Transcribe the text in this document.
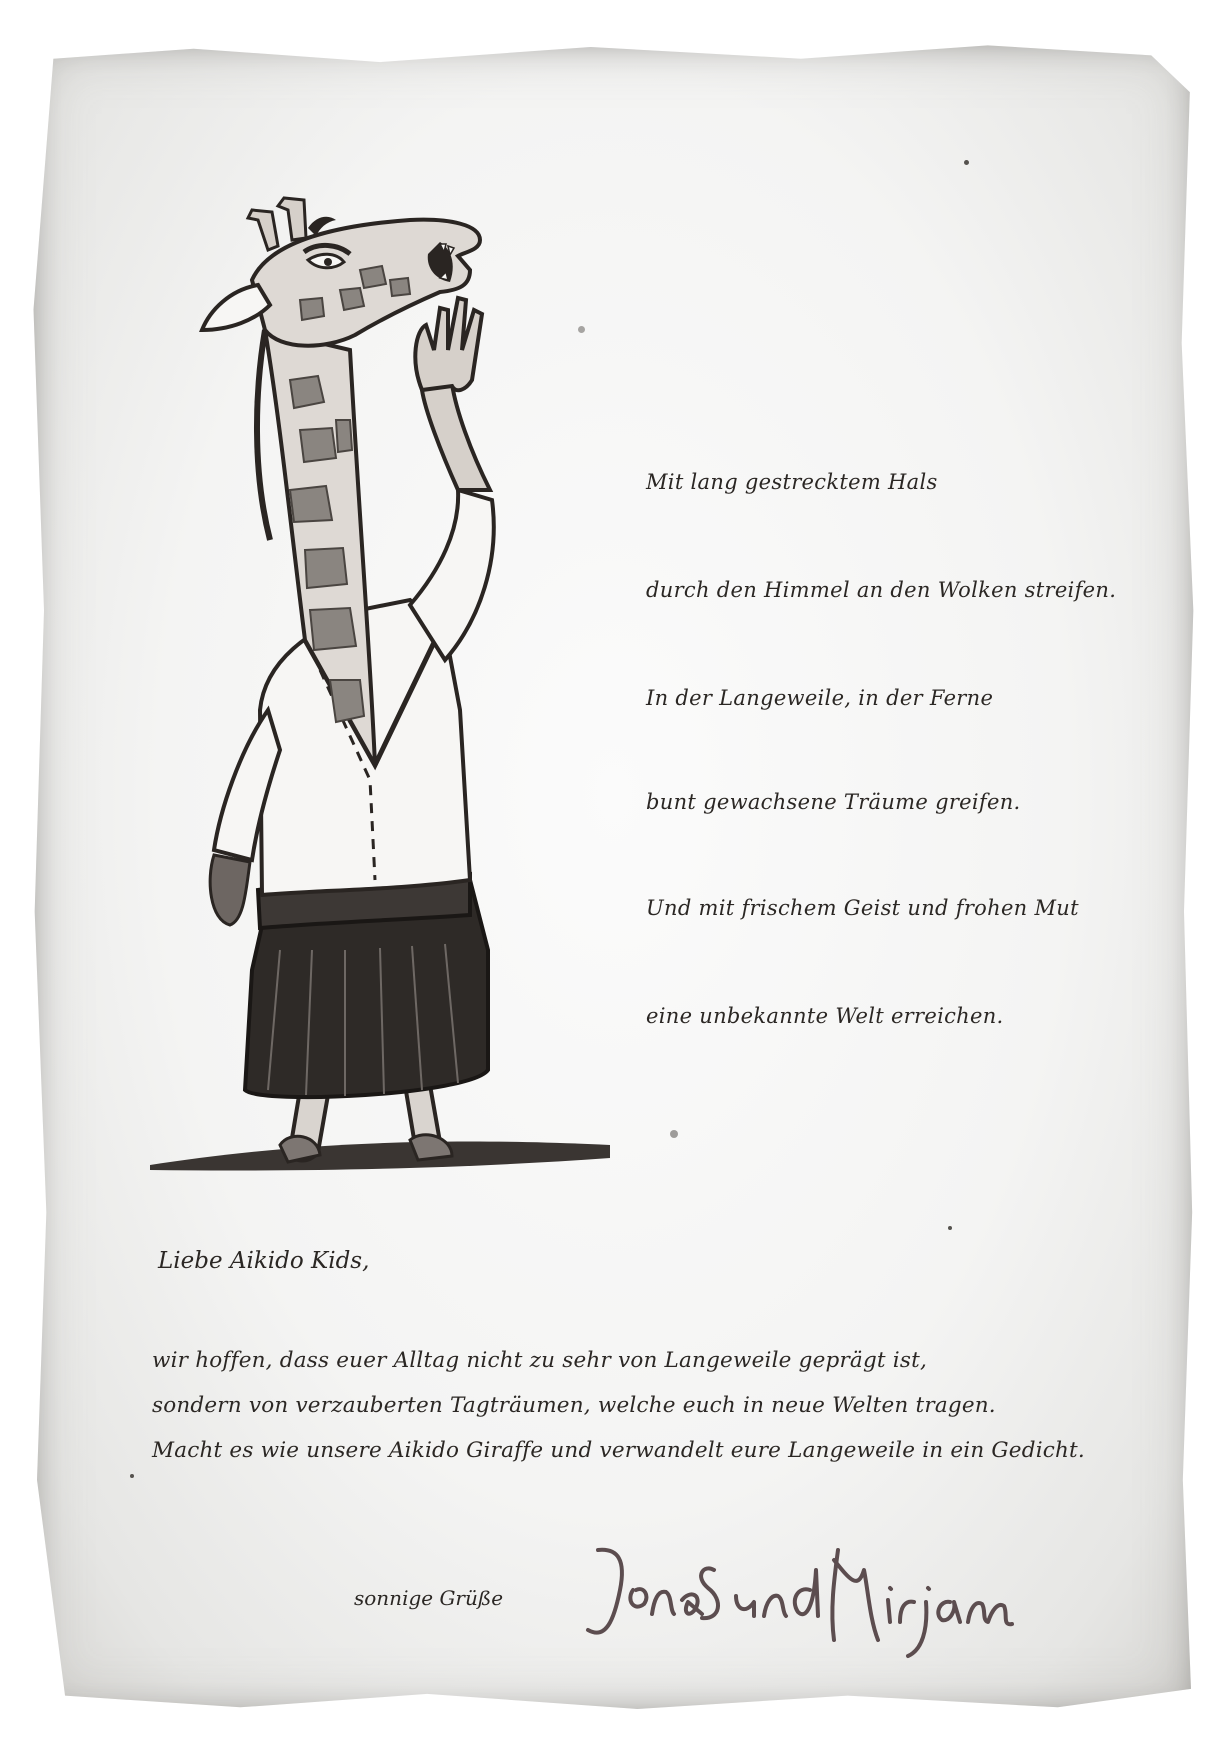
Mit lang gestrecktem Hals
durch den Himmel an den Wolken streifen.
In der Langeweile, in der Ferne
bunt gewachsene Träume greifen.
Und mit frischem Geist und frohen Mut
eine unbekannte Welt erreichen.
Liebe Aikido Kids,
wir hoffen, dass euer Alltag nicht zu sehr von Langeweile geprägt ist,
sondern von verzauberten Tagträumen, welche euch in neue Welten tragen.
Macht es wie unsere Aikido Giraffe und verwandelt eure Langeweile in ein Gedicht.
sonnige Grüße
